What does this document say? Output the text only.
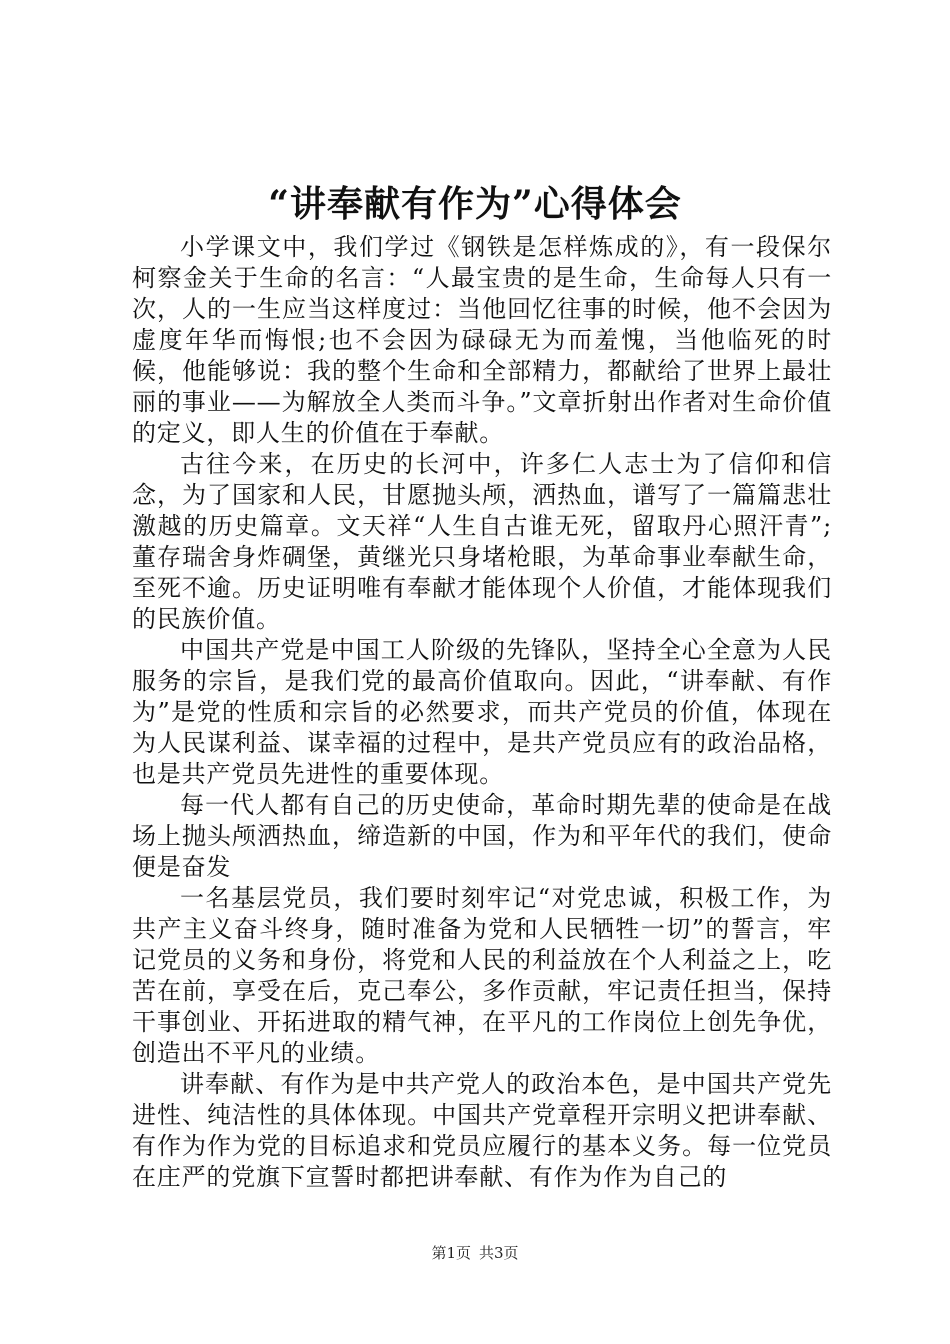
“讲奉献有作为”心得体会

小学课文中，我们学过《钢铁是怎样炼成的》，有一段保尔柯察金关于生命的名言：“人最宝贵的是生命，生命每人只有一次，人的一生应当这样度过：当他回忆往事的时候，他不会因为虚度年华而悔恨;也不会因为碌碌无为而羞愧，当他临死的时候，他能够说：我的整个生命和全部精力，都献给了世界上最壮丽的事业——为解放全人类而斗争。”文章折射出作者对生命价值的定义，即人生的价值在于奉献。

古往今来，在历史的长河中，许多仁人志士为了信仰和信念，为了国家和人民，甘愿抛头颅，洒热血，谱写了一篇篇悲壮激越的历史篇章。文天祥“人生自古谁无死，留取丹心照汗青”;董存瑞舍身炸碉堡，黄继光只身堵枪眼，为革命事业奉献生命，至死不逾。历史证明唯有奉献才能体现个人价值，才能体现我们的民族价值。

中国共产党是中国工人阶级的先锋队，坚持全心全意为人民服务的宗旨，是我们党的最高价值取向。因此，“讲奉献、有作为”是党的性质和宗旨的必然要求，而共产党员的价值，体现在为人民谋利益、谋幸福的过程中，是共产党员应有的政治品格，也是共产党员先进性的重要体现。

每一代人都有自己的历史使命，革命时期先辈的使命是在战场上抛头颅洒热血，缔造新的中国，作为和平年代的我们，使命便是奋发

一名基层党员，我们要时刻牢记“对党忠诚，积极工作，为共产主义奋斗终身，随时准备为党和人民牺牲一切”的誓言，牢记党员的义务和身份，将党和人民的利益放在个人利益之上，吃苦在前，享受在后，克己奉公，多作贡献，牢记责任担当，保持干事创业、开拓进取的精气神，在平凡的工作岗位上创先争优，创造出不平凡的业绩。

讲奉献、有作为是中共产党人的政治本色，是中国共产党先进性、纯洁性的具体体现。中国共产党章程开宗明义把讲奉献、有作为作为党的目标追求和党员应履行的基本义务。每一位党员在庄严的党旗下宣誓时都把讲奉献、有作为作为自己的

第1页 共3页
